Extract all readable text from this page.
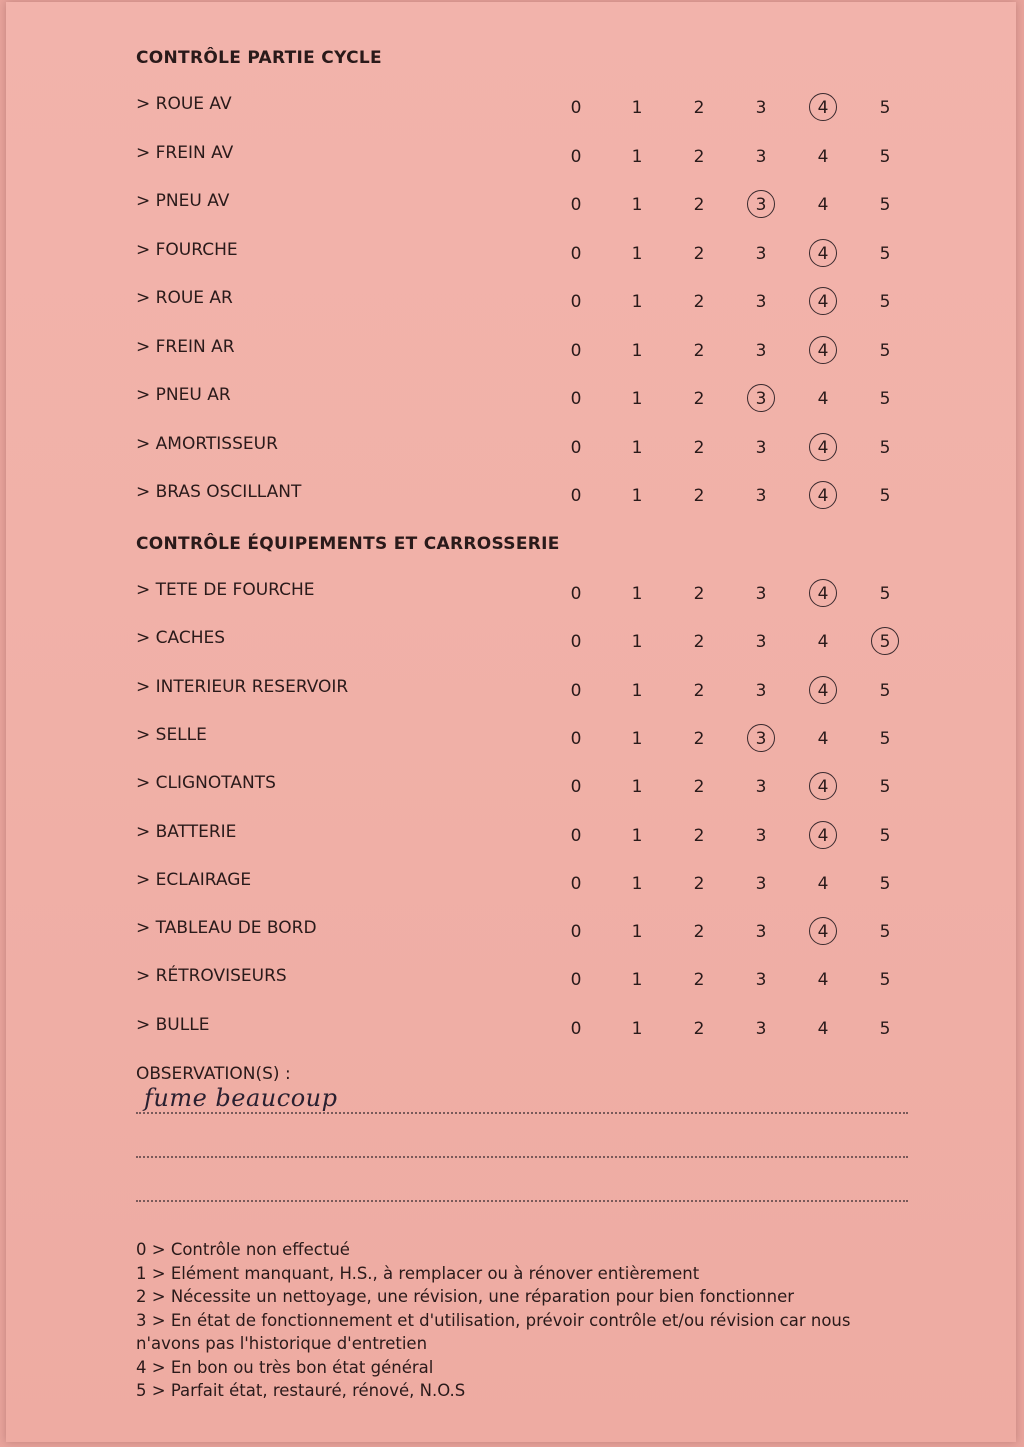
CONTRÔLE PARTIE CYCLE
> ROUE AV	0	1	2	3	4	5
> FREIN AV	0	1	2	3	4	5
> PNEU AV	0	1	2	3	4	5
> FOURCHE	0	1	2	3	4	5
> ROUE AR	0	1	2	3	4	5
> FREIN AR	0	1	2	3	4	5
> PNEU AR	0	1	2	3	4	5
> AMORTISSEUR	0	1	2	3	4	5
> BRAS OSCILLANT	0	1	2	3	4	5
CONTRÔLE ÉQUIPEMENTS ET CARROSSERIE
> TETE DE FOURCHE	0	1	2	3	4	5
> CACHES	0	1	2	3	4	5
> INTERIEUR RESERVOIR	0	1	2	3	4	5
> SELLE	0	1	2	3	4	5
> CLIGNOTANTS	0	1	2	3	4	5
> BATTERIE	0	1	2	3	4	5
> ECLAIRAGE	0	1	2	3	4	5
> TABLEAU DE BORD	0	1	2	3	4	5
> RÉTROVISEURS	0	1	2	3	4	5
> BULLE	0	1	2	3	4	5
OBSERVATION(S) :
fume beaucoup
0 > Contrôle non effectué
1 > Elément manquant, H.S., à remplacer ou à rénover entièrement
2 > Nécessite un nettoyage, une révision, une réparation pour bien fonctionner
3 > En état de fonctionnement et d'utilisation, prévoir contrôle et/ou révision car nous n'avons pas l'historique d'entretien
4 > En bon ou très bon état général
5 > Parfait état, restauré, rénové, N.O.S
